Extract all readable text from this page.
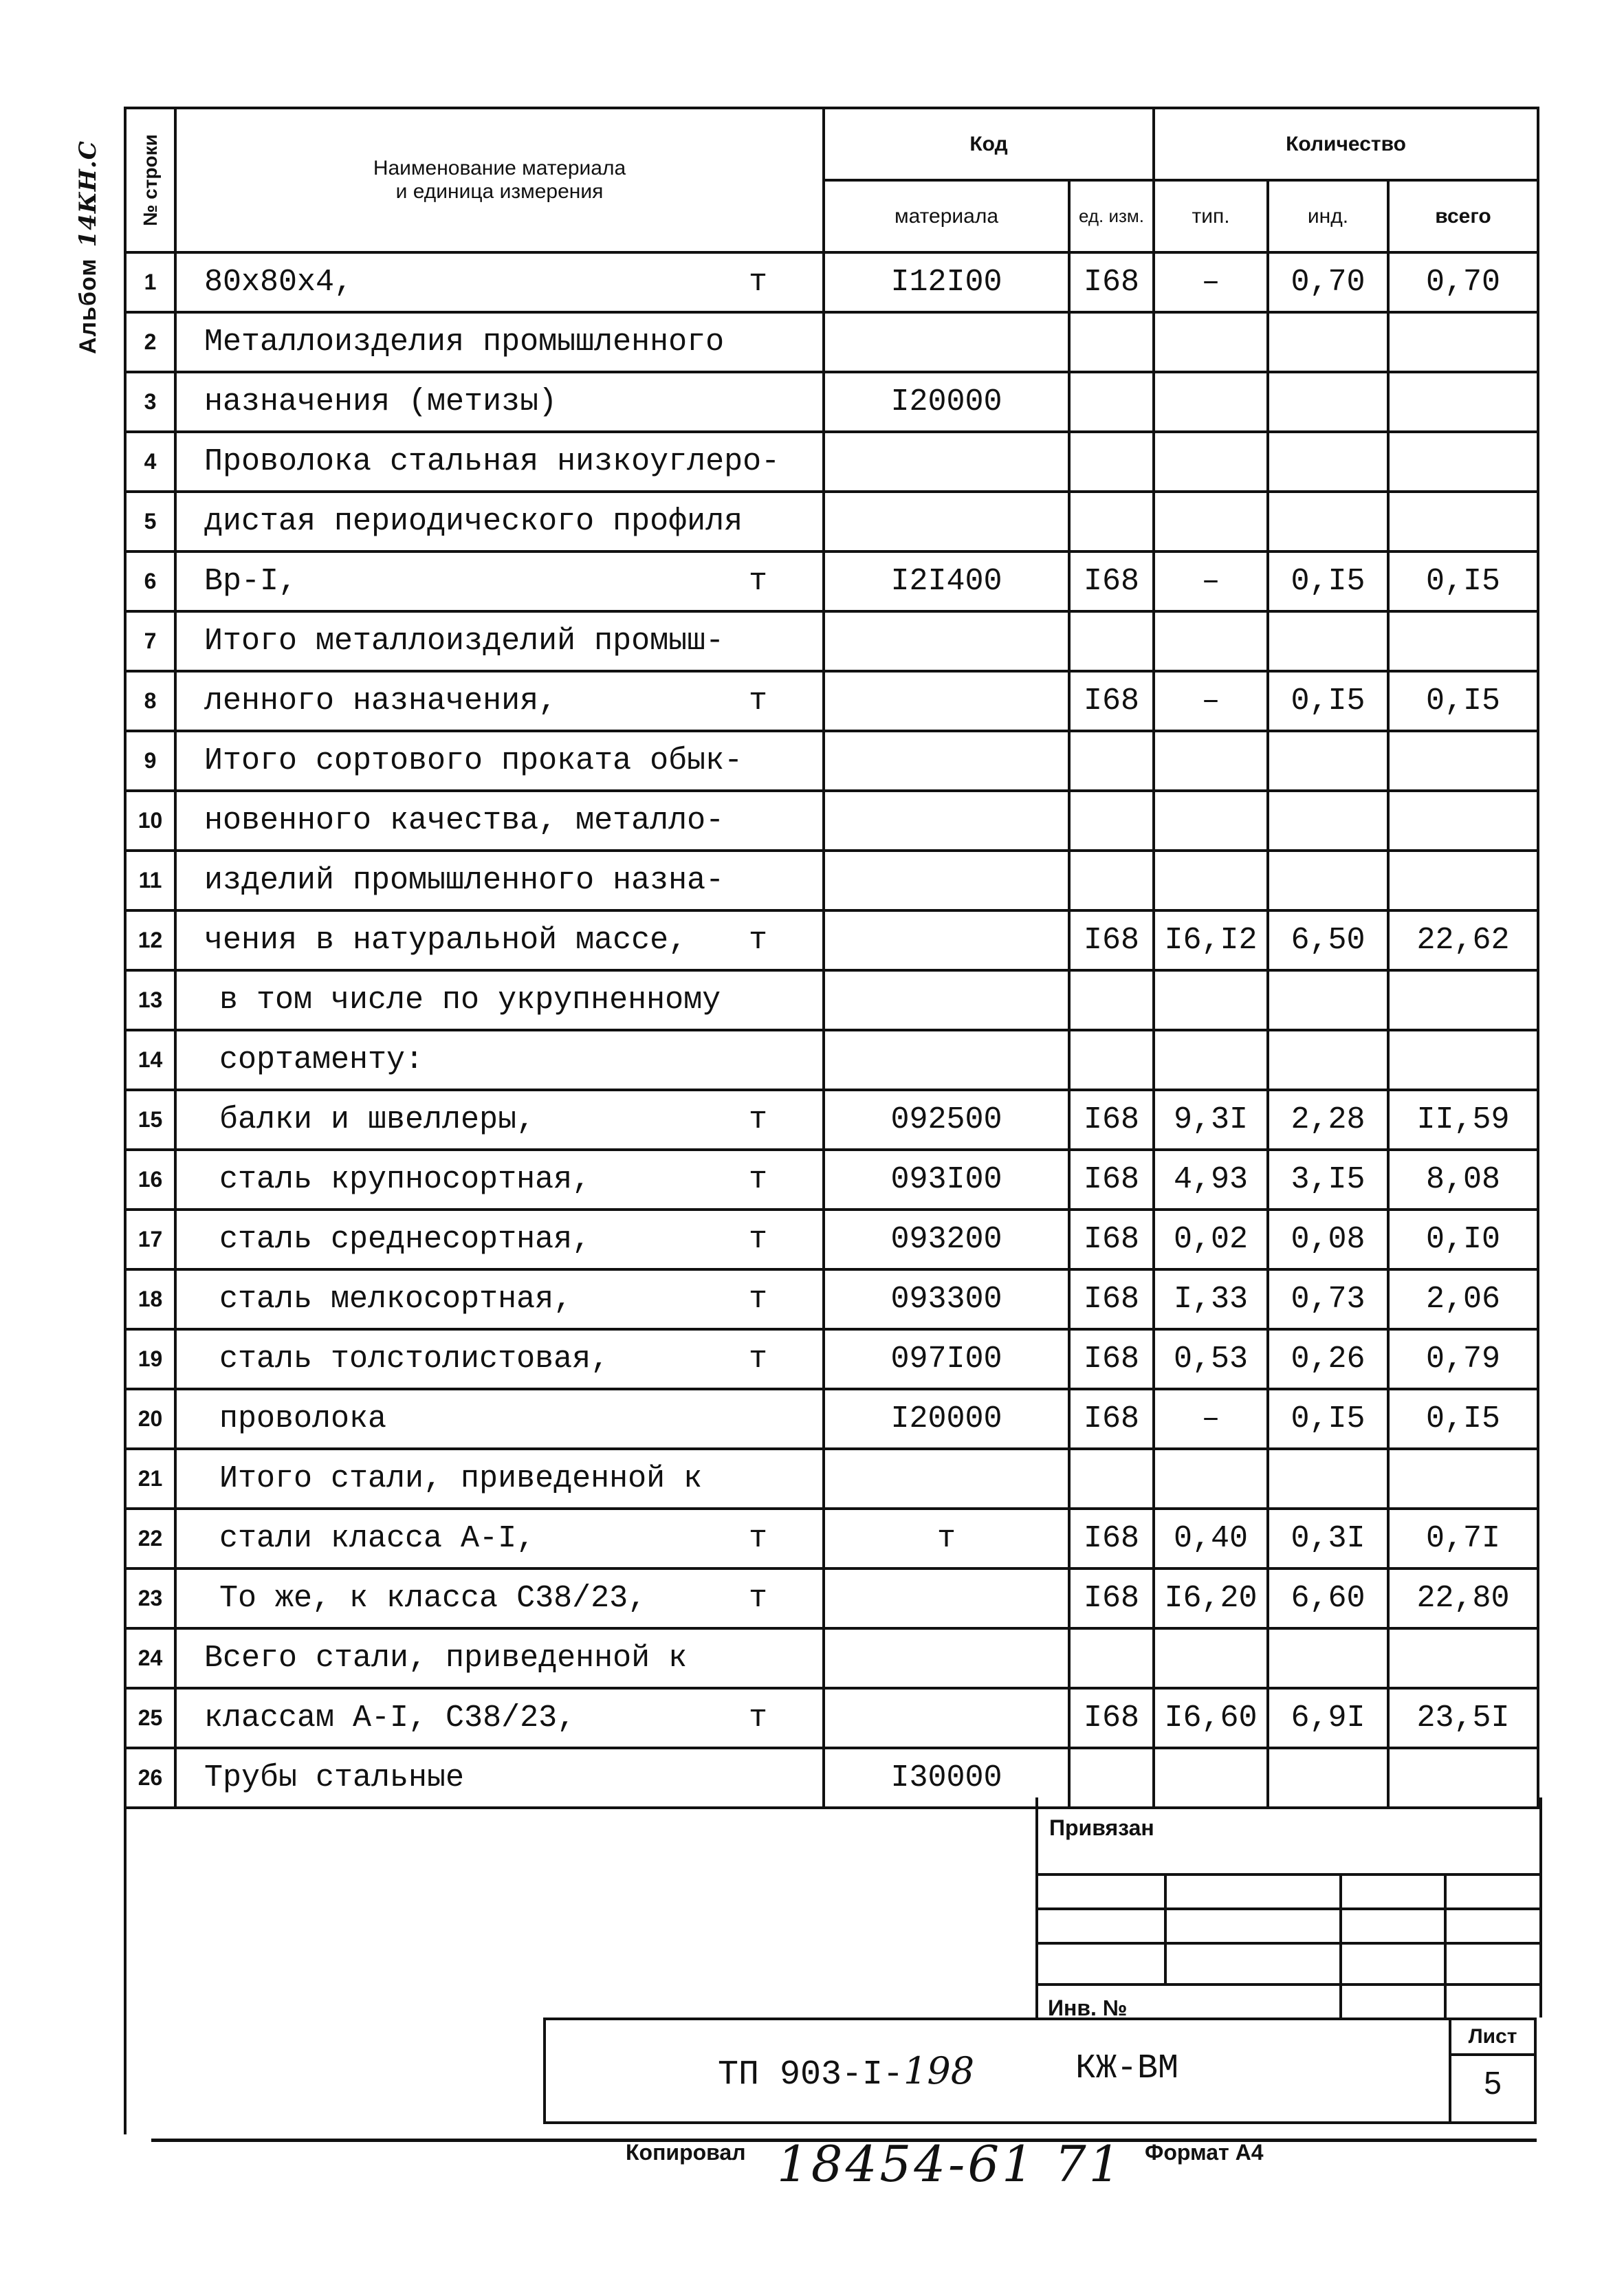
Альбом14КН.С	№ строки	Наименование материала
и единица измерения	Код		Количество		
		материала	ед. изм.	тип.	инд.	всего
1	80х80х4, т	I12I00	I68	–	0,70	0,70
2	Металлоизделия промышленного					

3	назначения (метизы)	I20000				
4	Проволока стальная низкоуглеро-					

5	дистая периодического профиля					

6	Вр-I, т	I2I400	I68	–	0,I5	0,I5
7	Итого металлоизделий промыш-					

8	ленного назначения, т		I68	–	0,I5	0,I5
9	Итого сортового проката обык-					

10	новенного качества, металло-					

11	изделий промышленного назна-					

12	чения в натуральной массе, т		I68	I6,I2	6,50	22,62
13	в том числе по укрупненному					

14	сортаменту:					

15	балки и швеллеры, т	092500	I68	9,3I	2,28	II,59
16	сталь крупносортная, т	093I00	I68	4,93	3,I5	8,08
17	сталь среднесортная, т	093200	I68	0,02	0,08	0,I0
18	сталь мелкосортная, т	093300	I68	I,33	0,73	2,06
19	сталь толстолистовая, т	097I00	I68	0,53	0,26	0,79
20	проволока	I20000	I68	–	0,I5	0,I5
21	Итого стали, приведенной к					

22	стали класса А-I, т	т	I68	0,40	0,3I	0,7I
23	То же, к класса С38/23, т		I68	I6,20	6,60	22,80
24	Всего стали, приведенной к					

25	классам А-I, С38/23, т		I68	I6,60	6,9I	23,5I
26	Трубы стальные	I30000				
Привязан
Инв. №
ТП 903-I-198	КЖ-ВМ
Лист
5
Копировал 18454-61 71 Формат А4
